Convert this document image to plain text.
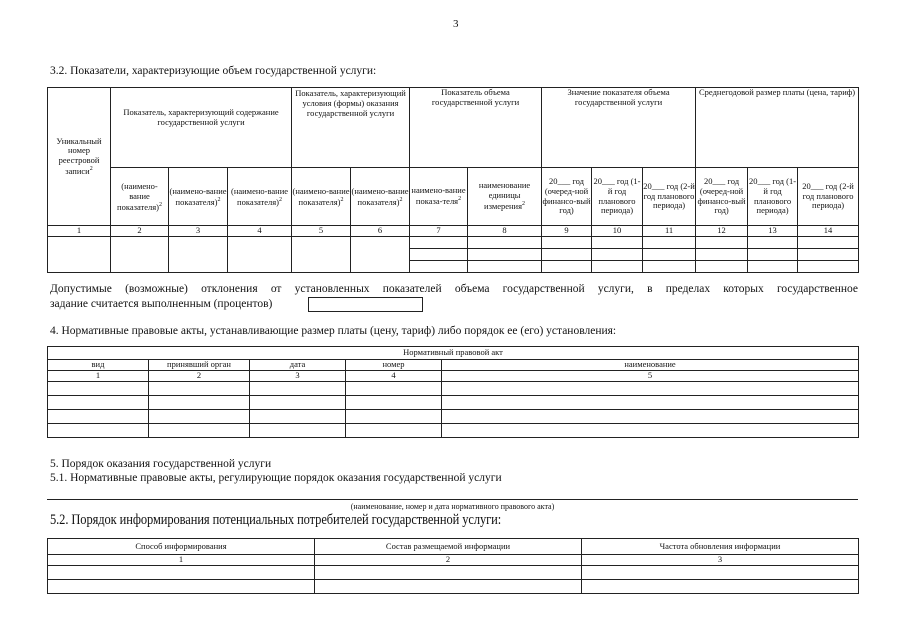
3
3.2. Показатели, характеризующие объем государственной услуги:
Уникальный номер реестровой записи$^2$	Показатель, характеризующий содержание государственной услуги			Показатель, характеризующий условия (формы) оказания государственной услуги		Показатель объема государственной услуги		Значение показателя объема государственной услуги			Среднегодовой размер платы (цена, тариф)		
	(наимено-вание показателя)$^2$	(наимено-вание показателя)$^2$	(наимено-вание показателя)$^2$	(наимено-вание показателя)$^2$	(наимено-вание показателя)$^2$	наимено-вание показа-теля$^2$	наименование единицы измерения$^2$	20___ год (очеред-ной финансо-вый год)	20___ год (1-й год планового периода)	20___ год (2-й год планового периода)	20___ год (очеред-ной финансо-вый год)	20___ год (1-й год планового периода)	20___ год (2-й год планового периода)
1	2	3	4	5	6	7	8	9	10	11	12	13	14

Допустимые (возможные) отклонения от установленных показателей объема государственной услуги, в пределах которых государственное
задание считается выполненным (процентов)
4. Нормативные правовые акты, устанавливающие размер платы (цену, тариф) либо порядок ее (его) установления:
Нормативный правовой акт				
вид	принявший орган	дата	номер	наименование
1	2	3	4	5

5. Порядок оказания государственной услуги
5.1. Нормативные правовые акты, регулирующие порядок оказания государственной услуги
(наименование, номер и дата нормативного правового акта)
5.2. Порядок информирования потенциальных потребителей государственной услуги:
Способ информирования	Состав размещаемой информации	Частота обновления информации
1	2	3
